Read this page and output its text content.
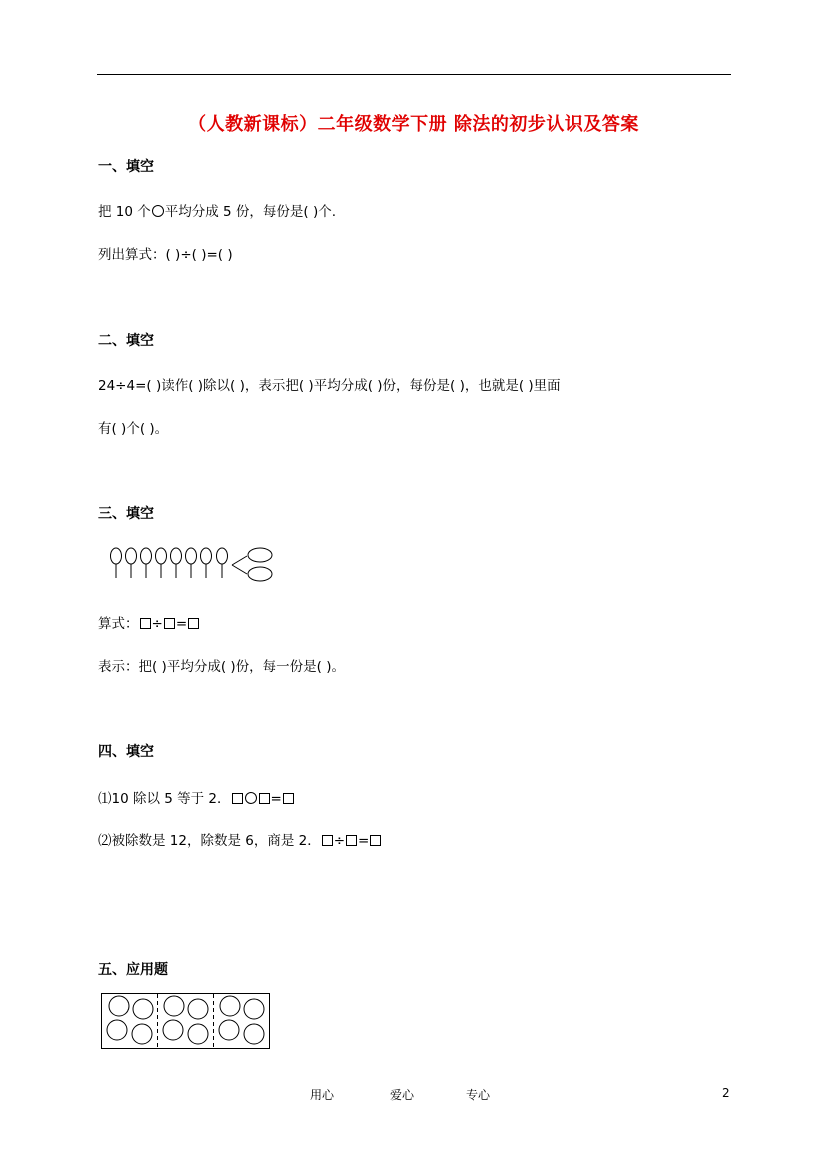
（人教新课标）二年级数学下册 除法的初步认识及答案
一、填空
把 10 个 平均分成 5 份，每份是( )个.
列出算式：( )÷( )=( )
二、填空
24÷4=( )读作( )除以( )，表示把( )平均分成( )份，每份是( )，也就是( )里面
有( )个( )。
三、填空
算式： ÷ =
表示：把( )平均分成( )份，每一份是( )。
四、填空
⑴10 除以 5 等于 2．	=
⑵被除数是 12，除数是 6，商是 2． ÷ =
五、应用题
用心	爱心	专心	2
